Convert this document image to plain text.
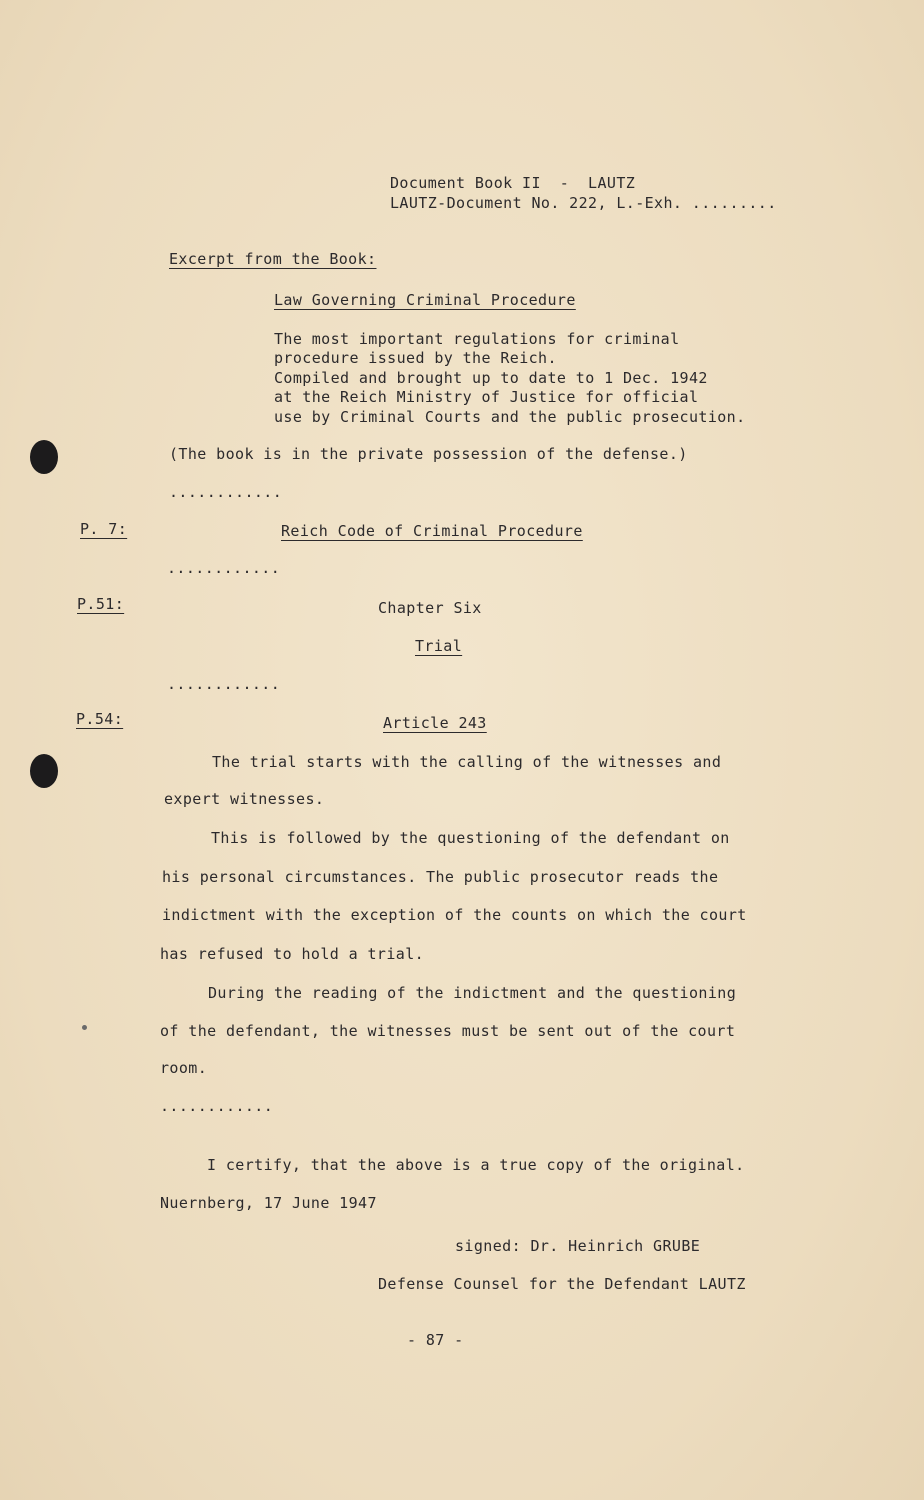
Document Book II  -  LAUTZ
LAUTZ-Document No. 222, L.-Exh. .........
Excerpt from the Book:
Law Governing Criminal Procedure
The most important regulations for criminal
procedure issued by the Reich.
Compiled and brought up to date to 1 Dec. 1942
at the Reich Ministry of Justice for official
use by Criminal Courts and the public prosecution.
(The book is in the private possession of the defense.)
............
P. 7:	Reich Code of Criminal Procedure
............
P.51:	Chapter Six
Trial
............
P.54:	Article 243
The trial starts with the calling of the witnesses and
expert witnesses.
This is followed by the questioning of the defendant on
his personal circumstances. The public prosecutor reads the
indictment with the exception of the counts on which the court
has refused to hold a trial.
During the reading of the indictment and the questioning
of the defendant, the witnesses must be sent out of the court
room.
............
I certify, that the above is a true copy of the original.
Nuernberg, 17 June 1947
signed: Dr. Heinrich GRUBE
Defense Counsel for the Defendant LAUTZ
- 87 -
